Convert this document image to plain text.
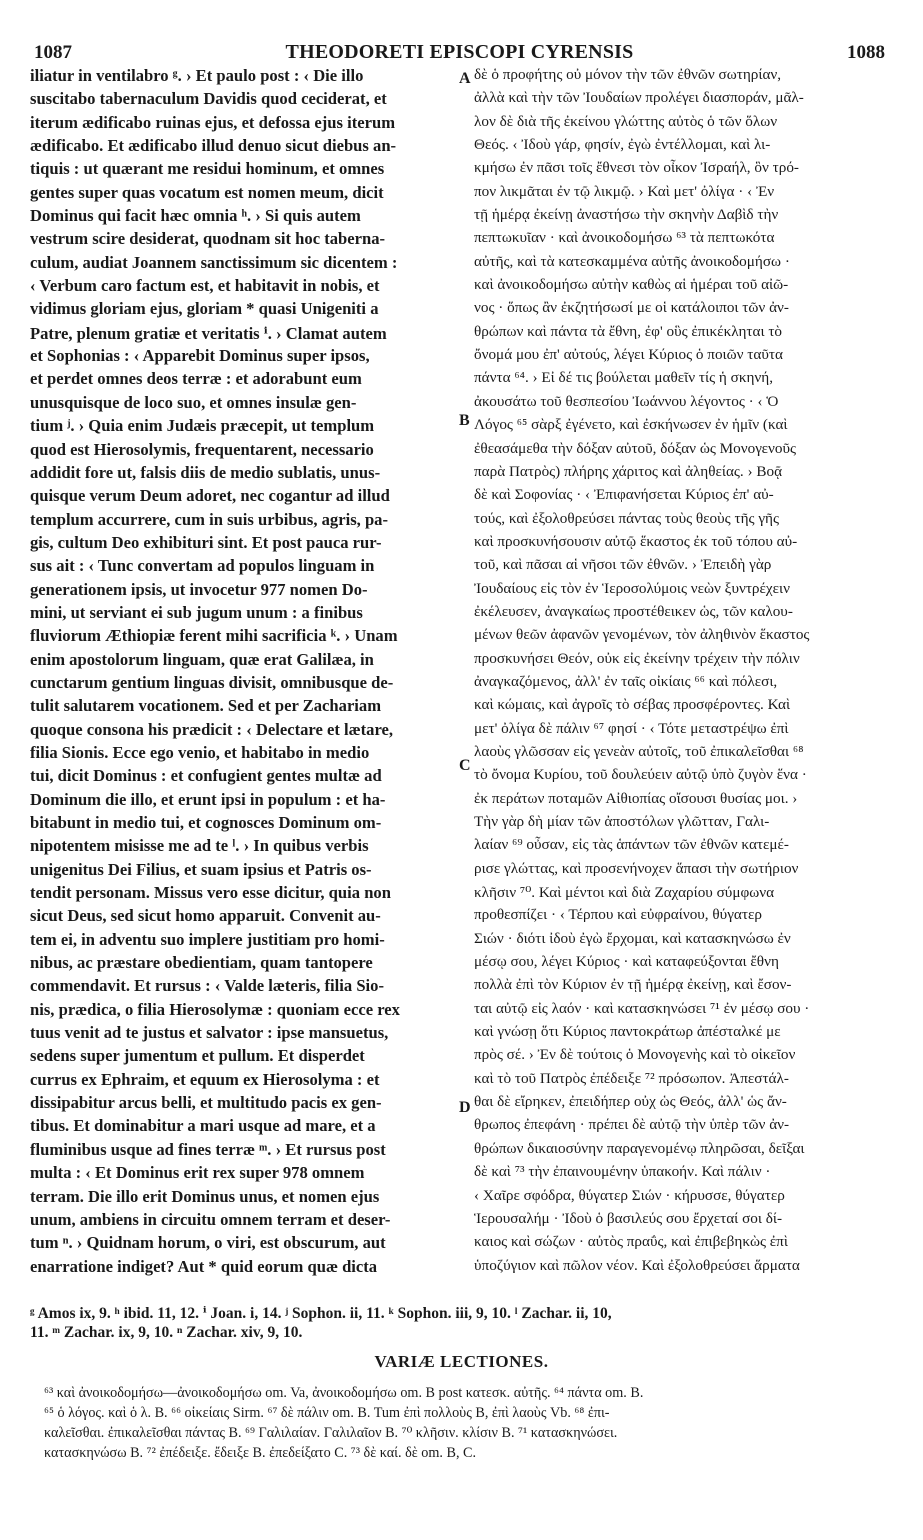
1087	THEODORETI EPISCOPI CYRENSIS	1088
iliatur in ventilabro ᵍ. › Et paulo post : ‹ Die illo
suscitabo tabernaculum Davidis quod ceciderat, et
iterum ædificabo ruinas ejus, et defossa ejus iterum
ædificabo. Et ædificabo illud denuo sicut diebus an-
tiquis : ut quærant me residui hominum, et omnes
gentes super quas vocatum est nomen meum, dicit
Dominus qui facit hæc omnia ʰ. › Si quis autem
vestrum scire desiderat, quodnam sit hoc taberna-
culum, audiat Joannem sanctissimum sic dicentem :
‹ Verbum caro factum est, et habitavit in nobis, et
vidimus gloriam ejus, gloriam * quasi Unigeniti a
Patre, plenum gratiæ et veritatis ⁱ. › Clamat autem
et Sophonias : ‹ Apparebit Dominus super ipsos,
et perdet omnes deos terræ : et adorabunt eum
unusquisque de loco suo, et omnes insulæ gen-
tium ʲ. › Quia enim Judæis præcepit, ut templum
quod est Hierosolymis, frequentarent, necessario
addidit fore ut, falsis diis de medio sublatis, unus-
quisque verum Deum adoret, nec cogantur ad illud
templum accurrere, cum in suis urbibus, agris, pa-
gis, cultum Deo exhibituri sint. Et post pauca rur-
sus ait : ‹ Tunc convertam ad populos linguam in
generationem ipsis, ut invocetur 977 nomen Do-
mini, ut serviant ei sub jugum unum : a finibus
fluviorum Æthiopiæ ferent mihi sacrificia ᵏ. › Unam
enim apostolorum linguam, quæ erat Galilæa, in
cunctarum gentium linguas divisit, omnibusque de-
tulit salutarem vocationem. Sed et per Zachariam
quoque consona his prædicit : ‹ Delectare et lætare,
filia Sionis. Ecce ego venio, et habitabo in medio
tui, dicit Dominus : et confugient gentes multæ ad
Dominum die illo, et erunt ipsi in populum : et ha-
bitabunt in medio tui, et cognosces Dominum om-
nipotentem misisse me ad te ˡ. › In quibus verbis
unigenitus Dei Filius, et suam ipsius et Patris os-
tendit personam. Missus vero esse dicitur, quia non
sicut Deus, sed sicut homo apparuit. Convenit au-
tem ei, in adventu suo implere justitiam pro homi-
nibus, ac præstare obedientiam, quam tantopere
commendavit. Et rursus : ‹ Valde læteris, filia Sio-
nis, prædica, o filia Hierosolymæ : quoniam ecce rex
tuus venit ad te justus et salvator : ipse mansuetus,
sedens super jumentum et pullum. Et disperdet
currus ex Ephraim, et equum ex Hierosolyma : et
dissipabitur arcus belli, et multitudo pacis ex gen-
tibus. Et dominabitur a mari usque ad mare, et a
fluminibus usque ad fines terræ ᵐ. › Et rursus post
multa : ‹ Et Dominus erit rex super 978 omnem
terram. Die illo erit Dominus unus, et nomen ejus
unum, ambiens in circuitu omnem terram et deser-
tum ⁿ. › Quidnam horum, o viri, est obscurum, aut
enarratione indiget? Aut * quid eorum quæ dicta
δὲ ὁ προφήτης οὐ μόνον τὴν τῶν ἐθνῶν σωτηρίαν,
ἀλλὰ καὶ τὴν τῶν Ἰουδαίων προλέγει διασποράν, μᾶλ-
λον δὲ διὰ τῆς ἐκείνου γλώττης αὐτὸς ὁ τῶν ὅλων
Θεός. ‹ Ἰδοὺ γάρ, φησίν, ἐγὼ ἐντέλλομαι, καὶ λι-
κμήσω ἐν πᾶσι τοῖς ἔθνεσι τὸν οἶκον Ἰσραήλ, ὃν τρό-
πον λικμᾶται ἐν τῷ λικμῷ. › Καὶ μετ' ὀλίγα · ‹ Ἐν
τῇ ἡμέρᾳ ἐκείνῃ ἀναστήσω τὴν σκηνὴν Δαβὶδ τὴν
πεπτωκυῖαν · καὶ ἀνοικοδομήσω ⁶³ τὰ πεπτωκότα
αὐτῆς, καὶ τὰ κατεσκαμμένα αὐτῆς ἀνοικοδομήσω ·
καὶ ἀνοικοδομήσω αὐτὴν καθὼς αἱ ἡμέραι τοῦ αἰῶ-
νος · ὅπως ἂν ἐκζητήσωσί με οἱ κατάλοιποι τῶν ἀν-
θρώπων καὶ πάντα τὰ ἔθνη, ἐφ' οὓς ἐπικέκληται τὸ
ὄνομά μου ἐπ' αὐτούς, λέγει Κύριος ὁ ποιῶν ταῦτα
πάντα ⁶⁴. › Εἰ δέ τις βούλεται μαθεῖν τίς ἡ σκηνή,
ἀκουσάτω τοῦ θεσπεσίου Ἰωάννου λέγοντος · ‹ Ὁ
Λόγος ⁶⁵ σὰρξ ἐγένετο, καὶ ἐσκήνωσεν ἐν ἡμῖν (καὶ
ἐθεασάμεθα τὴν δόξαν αὐτοῦ, δόξαν ὡς Μονογενοῦς
παρὰ Πατρὸς) πλήρης χάριτος καὶ ἀληθείας. › Βοᾷ
δὲ καὶ Σοφονίας · ‹ Ἐπιφανήσεται Κύριος ἐπ' αὐ-
τούς, καὶ ἐξολοθρεύσει πάντας τοὺς θεοὺς τῆς γῆς
καὶ προσκυνήσουσιν αὐτῷ ἕκαστος ἐκ τοῦ τόπου αὐ-
τοῦ, καὶ πᾶσαι αἱ νῆσοι τῶν ἐθνῶν. › Ἐπειδὴ γὰρ
Ἰουδαίους εἰς τὸν ἐν Ἱεροσολύμοις νεὼν ξυντρέχειν
ἐκέλευσεν, ἀναγκαίως προστέθεικεν ὡς, τῶν καλου-
μένων θεῶν ἀφανῶν γενομένων, τὸν ἀληθινὸν ἕκαστος
προσκυνήσει Θεόν, οὐκ εἰς ἐκείνην τρέχειν τὴν πόλιν
ἀναγκαζόμενος, ἀλλ' ἐν ταῖς οἰκίαις ⁶⁶ καὶ πόλεσι,
καὶ κώμαις, καὶ ἀγροῖς τὸ σέβας προσφέροντες. Καὶ
μετ' ὀλίγα δὲ πάλιν ⁶⁷ φησί · ‹ Τότε μεταστρέψω ἐπὶ
λαοὺς γλῶσσαν εἰς γενεὰν αὐτοῖς, τοῦ ἐπικαλεῖσθαι ⁶⁸
τὸ ὄνομα Κυρίου, τοῦ δουλεύειν αὐτῷ ὑπὸ ζυγὸν ἕνα ·
ἐκ περάτων ποταμῶν Αἰθιοπίας οἴσουσι θυσίας μοι. ›
Τὴν γὰρ δὴ μίαν τῶν ἀποστόλων γλῶτταν, Γαλι-
λαίαν ⁶⁹ οὖσαν, εἰς τὰς ἁπάντων τῶν ἐθνῶν κατεμέ-
ρισε γλώττας, καὶ προσενήνοχεν ἅπασι τὴν σωτήριον
κλῆσιν ⁷⁰. Καὶ μέντοι καὶ διὰ Ζαχαρίου σύμφωνα
προθεσπίζει · ‹ Τέρπου καὶ εὐφραίνου, θύγατερ
Σιών · διότι ἰδοὺ ἐγὼ ἔρχομαι, καὶ κατασκηνώσω ἐν
μέσῳ σου, λέγει Κύριος · καὶ καταφεύξονται ἔθνη
πολλὰ ἐπὶ τὸν Κύριον ἐν τῇ ἡμέρᾳ ἐκείνῃ, καὶ ἔσον-
ται αὐτῷ εἰς λαόν · καὶ κατασκηνώσει ⁷¹ ἐν μέσῳ σου ·
καὶ γνώσῃ ὅτι Κύριος παντοκράτωρ ἀπέσταλκέ με
πρὸς σέ. › Ἐν δὲ τούτοις ὁ Μονογενὴς καὶ τὸ οἰκεῖον
καὶ τὸ τοῦ Πατρὸς ἐπέδειξε ⁷² πρόσωπον. Ἀπεστάλ-
θαι δὲ εἴρηκεν, ἐπειδήπερ οὐχ ὡς Θεός, ἀλλ' ὡς ἄν-
θρωπος ἐπεφάνη · πρέπει δὲ αὐτῷ τὴν ὑπὲρ τῶν ἀν-
θρώπων δικαιοσύνην παραγενομένῳ πληρῶσαι, δεῖξαι
δὲ καὶ ⁷³ τὴν ἐπαινουμένην ὑπακοήν. Καὶ πάλιν ·
‹ Χαῖρε σφόδρα, θύγατερ Σιών · κήρυσσε, θύγατερ
Ἱερουσαλήμ · Ἰδοὺ ὁ βασιλεύς σου ἔρχεταί σοι δί-
καιος καὶ σώζων · αὐτὸς πραΰς, καὶ ἐπιβεβηκὼς ἐπὶ
ὑποζύγιον καὶ πῶλον νέον. Καὶ ἐξολοθρεύσει ἅρματα
A
B
C
D
ᵍ Amos ix, 9. ʰ ibid. 11, 12. ⁱ Joan. i, 14. ʲ Sophon. ii, 11. ᵏ Sophon. iii, 9, 10. ˡ Zachar. ii, 10,
11. ᵐ Zachar. ix, 9, 10. ⁿ Zachar. xiv, 9, 10.
VARIÆ LECTIONES.
⁶³ καὶ ἀνοικοδομήσω—ἀνοικοδομήσω om. Va, ἀνοικοδομήσω om. B post κατεσκ. αὐτῆς. ⁶⁴ πάντα om. B.
⁶⁵ ὁ λόγος. καὶ ὁ λ. B. ⁶⁶ οἰκείαις Sirm. ⁶⁷ δὲ πάλιν om. B. Tum ἐπὶ πολλοὺς B, ἐπὶ λαοὺς Vb. ⁶⁸ ἐπι-
καλεῖσθαι. ἐπικαλεῖσθαι πάντας B. ⁶⁹ Γαλιλαίαν. Γαλιλαῖον B. ⁷⁰ κλῆσιν. κλίσιν B. ⁷¹ κατασκηνώσει.
κατασκηνώσω B. ⁷² ἐπέδειξε. ἔδειξε B. ἐπεδείξατο C. ⁷³ δὲ καί. δὲ om. B, C.
